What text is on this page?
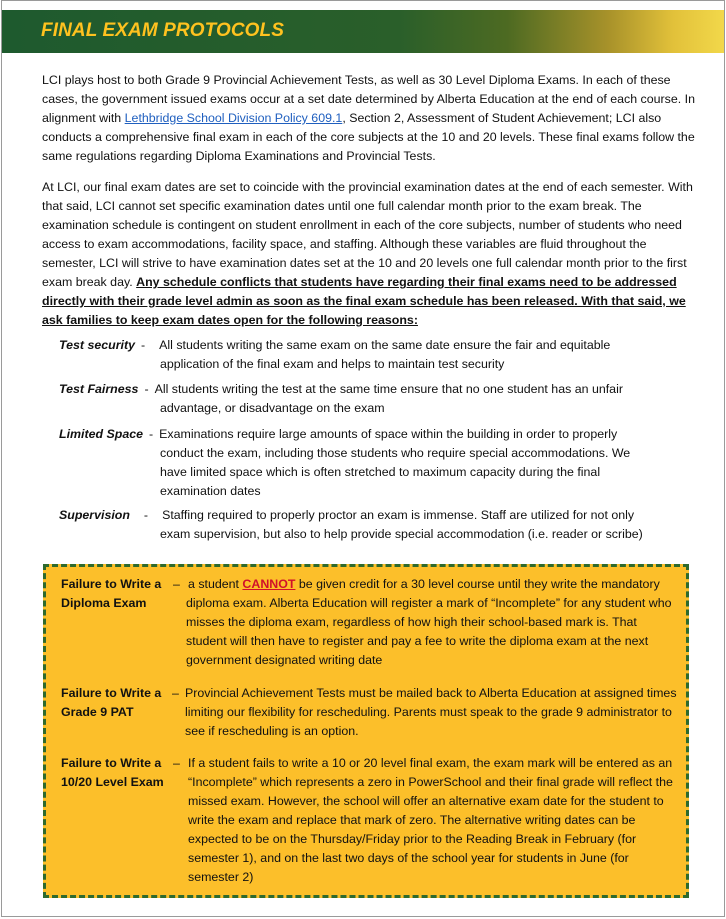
FINAL EXAM PROTOCOLS
LCI plays host to both Grade 9 Provincial Achievement Tests, as well as 30 Level Diploma Exams. In each of these cases, the government issued exams occur at a set date determined by Alberta Education at the end of each course. In alignment with Lethbridge School Division Policy 609.1, Section 2, Assessment of Student Achievement; LCI also conducts a comprehensive final exam in each of the core subjects at the 10 and 20 levels. These final exams follow the same regulations regarding Diploma Examinations and Provincial Tests.
At LCI, our final exam dates are set to coincide with the provincial examination dates at the end of each semester. With that said, LCI cannot set specific examination dates until one full calendar month prior to the exam break. The examination schedule is contingent on student enrollment in each of the core subjects, number of students who need access to exam accommodations, facility space, and staffing. Although these variables are fluid throughout the semester, LCI will strive to have examination dates set at the 10 and 20 levels one full calendar month prior to the first exam break day. Any schedule conflicts that students have regarding their final exams need to be addressed directly with their grade level admin as soon as the final exam schedule has been released. With that said, we ask families to keep exam dates open for the following reasons:
Test security - All students writing the same exam on the same date ensure the fair and equitable
application of the final exam and helps to maintain test security
Test Fairness - All students writing the test at the same time ensure that no one student has an unfair
advantage, or disadvantage on the exam
Limited Space - Examinations require large amounts of space within the building in order to properly
conduct the exam, including those students who require special accommodations. We have limited space which is often stretched to maximum capacity during the final examination dates
Supervision - Staffing required to properly proctor an exam is immense. Staff are utilized for not only
exam supervision, but also to help provide special accommodation (i.e. reader or scribe)
Failure to Write a Diploma Exam
– a student CANNOT be given credit for a 30 level course until they write the mandatory diploma exam. Alberta Education will register a mark of “Incomplete” for any student who misses the diploma exam, regardless of how high their school-based mark is. That student will then have to register and pay a fee to write the diploma exam at the next government designated writing date
Failure to Write a Grade 9 PAT
– Provincial Achievement Tests must be mailed back to Alberta Education at assigned times limiting our flexibility for rescheduling. Parents must speak to the grade 9 administrator to see if rescheduling is an option.
Failure to Write a 10/20 Level Exam
– If a student fails to write a 10 or 20 level final exam, the exam mark will be entered as an “Incomplete” which represents a zero in PowerSchool and their final grade will reflect the missed exam. However, the school will offer an alternative exam date for the student to write the exam and replace that mark of zero. The alternative writing dates can be expected to be on the Thursday/Friday prior to the Reading Break in February (for semester 1), and on the last two days of the school year for students in June (for semester 2)
